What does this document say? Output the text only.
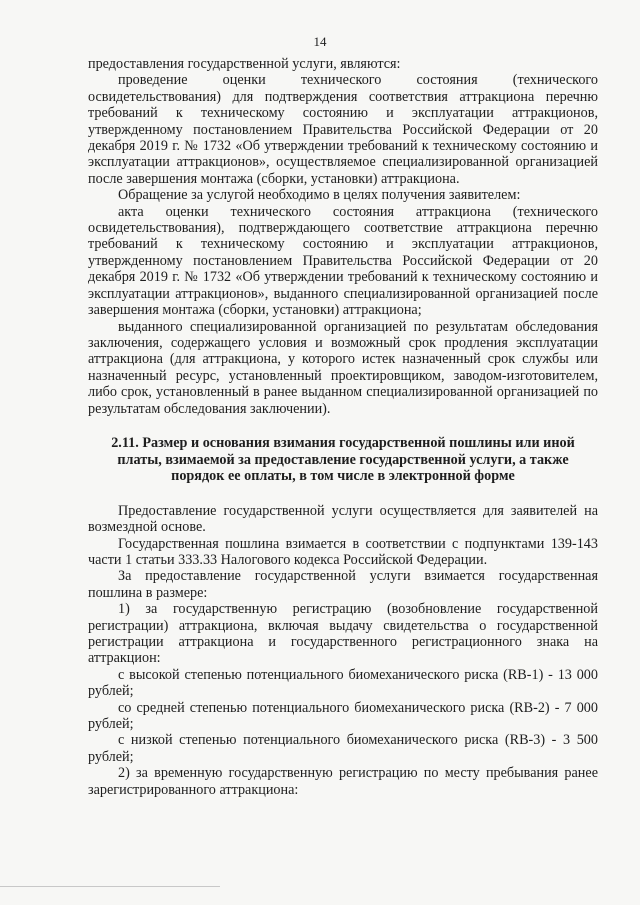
14

предоставления государственной услуги, являются:

проведение оценки технического состояния (технического освидетельствования) для подтверждения соответствия аттракциона перечню требований к техническому состоянию и эксплуатации аттракционов, утвержденному постановлением Правительства Российской Федерации от 20 декабря 2019 г. № 1732 «Об утверждении требований к техническому состоянию и эксплуатации аттракционов», осуществляемое специализированной организацией после завершения монтажа (сборки, установки) аттракциона.

Обращение за услугой необходимо в целях получения заявителем:

акта оценки технического состояния аттракциона (технического освидетельствования), подтверждающего соответствие аттракциона перечню требований к техническому состоянию и эксплуатации аттракционов, утвержденному постановлением Правительства Российской Федерации от 20 декабря 2019 г. № 1732 «Об утверждении требований к техническому состоянию и эксплуатации аттракционов», выданного специализированной организацией после завершения монтажа (сборки, установки) аттракциона;

выданного специализированной организацией по результатам обследования заключения, содержащего условия и возможный срок продления эксплуатации аттракциона (для аттракциона, у которого истек назначенный срок службы или назначенный ресурс, установленный проектировщиком, заводом-изготовителем, либо срок, установленный в ранее выданном специализированной организацией по результатам обследования заключении).

2.11. Размер и основания взимания государственной пошлины или иной
платы, взимаемой за предоставление государственной услуги, а также
порядок ее оплаты, в том числе в электронной форме

Предоставление государственной услуги осуществляется для заявителей на возмездной основе.

Государственная пошлина взимается в соответствии с подпунктами 139-143 части 1 статьи 333.33 Налогового кодекса Российской Федерации.

За предоставление государственной услуги взимается государственная пошлина в размере:

1) за государственную регистрацию (возобновление государственной регистрации) аттракциона, включая выдачу свидетельства о государственной регистрации аттракциона и государственного регистрационного знака на аттракцион:

с высокой степенью потенциального биомеханического риска (RB-1) - 13 000 рублей;

со средней степенью потенциального биомеханического риска (RB-2) - 7 000 рублей;

с низкой степенью потенциального биомеханического риска (RB-3) - 3 500 рублей;

2) за временную государственную регистрацию по месту пребывания ранее зарегистрированного аттракциона:
